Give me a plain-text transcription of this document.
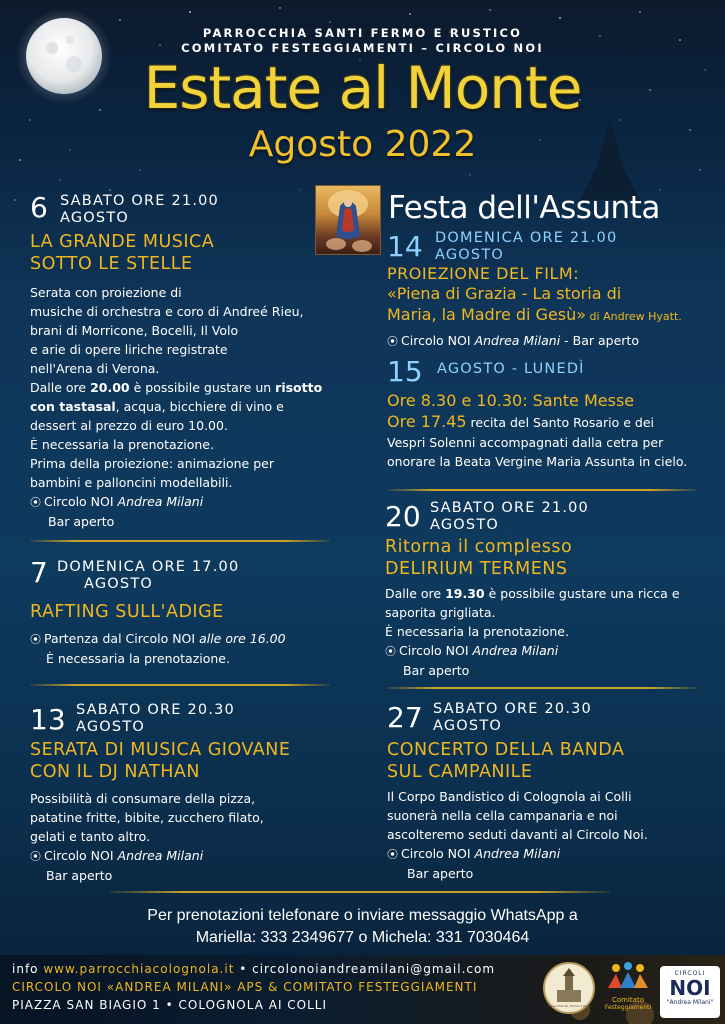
PARROCCHIA SANTI FERMO E RUSTICO
COMITATO FESTEGGIAMENTI – CIRCOLO NOI
Estate al Monte
Agosto 2022
6 SABATO ORE 21.00
AGOSTO
LA GRANDE MUSICA
SOTTO LE STELLE
Serata con proiezione di
musiche di orchestra e coro di Andreé Rieu,
brani di Morricone, Bocelli, Il Volo
e arie di opere liriche registrate
nell'Arena di Verona.
Dalle ore 20.00 è possibile gustare un risotto
con tastasal, acqua, bicchiere di vino e
dessert al prezzo di euro 10.00.
È necessaria la prenotazione.
Prima della proiezione: animazione per
bambini e palloncini modellabili.
⦿ Circolo NOI Andrea Milani
Bar aperto
7 DOMENICA ORE 17.00
AGOSTO
RAFTING SULL'ADIGE
⦿ Partenza dal Circolo NOI alle ore 16.00
È necessaria la prenotazione.
13 SABATO ORE 20.30
AGOSTO
SERATA DI MUSICA GIOVANE
CON IL DJ NATHAN
Possibilità di consumare della pizza,
patatine fritte, bibite, zucchero filato,
gelati e tanto altro.
⦿ Circolo NOI Andrea Milani
Bar aperto
Festa dell'Assunta
14 DOMENICA ORE 21.00
AGOSTO
PROIEZIONE DEL FILM:
«Piena di Grazia - La storia di
Maria, la Madre di Gesù» di Andrew Hyatt.
⦿ Circolo NOI Andrea Milani - Bar aperto
15 AGOSTO - LUNEDÌ
Ore 8.30 e 10.30: Sante Messe
Ore 17.45 recita del Santo Rosario e dei
Vespri Solenni accompagnati dalla cetra per
onorare la Beata Vergine Maria Assunta in cielo.
20 SABATO ORE 21.00
AGOSTO
Ritorna il complesso
DELIRIUM TERMENS
Dalle ore 19.30 è possibile gustare una ricca e
saporita grigliata.
È necessaria la prenotazione.
⦿ Circolo NOI Andrea Milani
Bar aperto
27 SABATO ORE 20.30
AGOSTO
CONCERTO DELLA BANDA
SUL CAMPANILE
Il Corpo Bandistico di Colognola ai Colli
suonerà nella cella campanaria e noi
ascolteremo seduti davanti al Circolo Noi.
⦿ Circolo NOI Andrea Milani
Bar aperto
Per prenotazioni telefonare o inviare messaggio WhatsApp a
Mariella: 333 2349677 o Michela: 331 7030464
info www.parrocchiacolognola.it • circolonoiandreamilani@gmail.com
CIRCOLO NOI «ANDREA MILANI» APS & COMITATO FESTEGGIAMENTI
PIAZZA SAN BIAGIO 1 • COLOGNOLA AI COLLI	Parrocchia SS. Fermo e Rustico
Comitato
Festeggiamenti
CIRCOLI
NOI
"Andrea Milani"
